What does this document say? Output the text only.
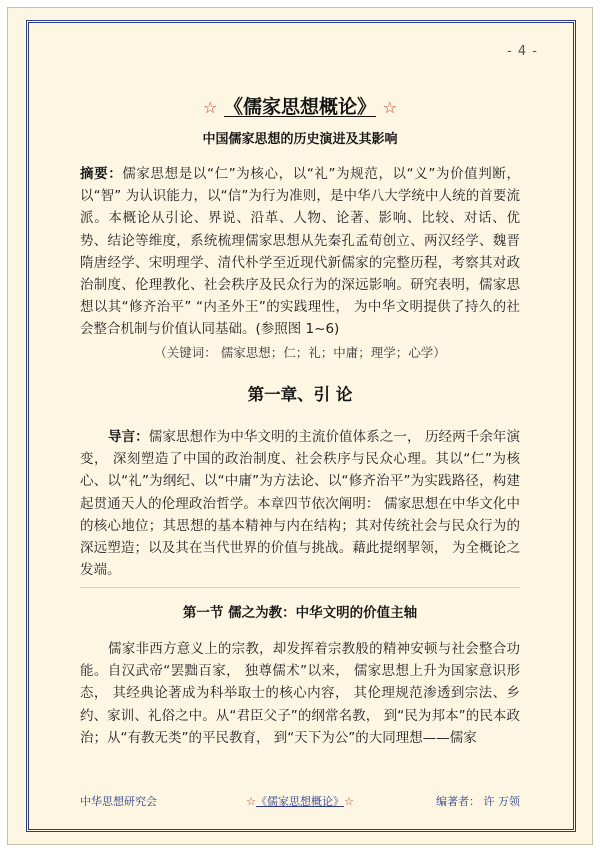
- 4 -
☆ 《儒家思想概论》 ☆
中国儒家思想的历史演进及其影响

摘要：儒家思想是以“仁”为核心，以“礼”为规范，以“义”为价值判断，以“智” 为认识能力，以“信”为行为准则，是中华八大学统中人统的首要流派。本概论从引论、界说、沿革、人物、论著、影响、比较、对话、优势、结论等维度，系统梳理儒家思想从先秦孔孟荀创立、两汉经学、魏晋隋唐经学、宋明理学、清代朴学至近现代新儒家的完整历程，考察其对政治制度、伦理教化、社会秩序及民众行为的深远影响。研究表明，儒家思想以其“修齐治平” “内圣外王”的实践理性， 为中华文明提供了持久的社会整合机制与价值认同基础。(参照图 1~6)

（关键词： 儒家思想；仁；礼；中庸；理学；心学）
第一章、引 论

导言：儒家思想作为中华文明的主流价值体系之一， 历经两千余年演变， 深刻塑造了中国的政治制度、社会秩序与民众心理。其以“仁”为核心、以“礼”为纲纪、以“中庸”为方法论、以“修齐治平”为实践路径，构建起贯通天人的伦理政治哲学。本章四节依次阐明： 儒家思想在中华文化中的核心地位；其思想的基本精神与内在结构；其对传统社会与民众行为的深远塑造；以及其在当代世界的价值与挑战。藉此提纲挈领， 为全概论之发端。

第一节 儒之为教：中华文明的价值主轴

儒家非西方意义上的宗教，却发挥着宗教般的精神安顿与社会整合功能。自汉武帝“罢黜百家， 独尊儒术”以来， 儒家思想上升为国家意识形态， 其经典论著成为科举取士的核心内容， 其伦理规范渗透到宗法、乡约、家训、礼俗之中。从“君臣父子”的纲常名教， 到“民为邦本”的民本政治；从“有教无类”的平民教育， 到“天下为公”的大同理想——儒家

中华思想研究会	☆《儒家思想概论》☆	编著者： 许 万领
